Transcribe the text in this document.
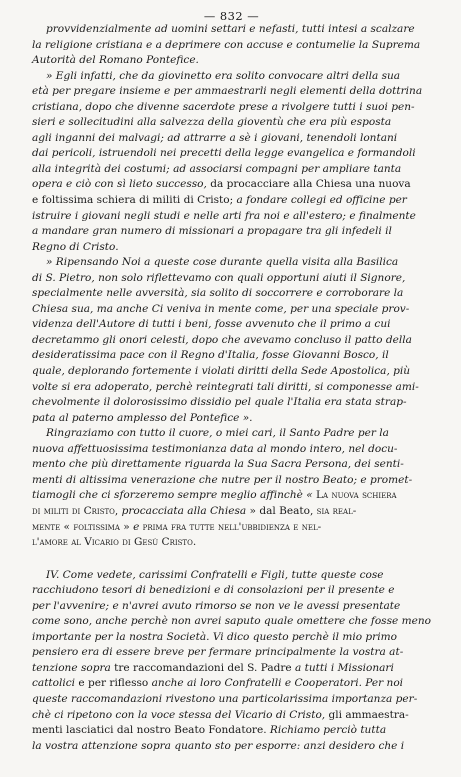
— 832 —
provvidenzialmente ad uomini settari e nefasti, tutti intesi a scalzare
la religione cristiana e a deprimere con accuse e contumelie la Suprema
Autorità del Romano Pontefice.
» Egli infatti, che da giovinetto era solito convocare altri della sua
età per pregare insieme e per ammaestrarli negli elementi della dottrina
cristiana, dopo che divenne sacerdote prese a rivolgere tutti i suoi pen-
sieri e sollecitudini alla salvezza della gioventù che era più esposta
agli inganni dei malvagi; ad attrarre a sè i giovani, tenendoli lontani
dai pericoli, istruendoli nei precetti della legge evangelica e formandoli
alla integrità dei costumi; ad associarsi compagni per ampliare tanta
opera e ciò con sì lieto successo, da procacciare alla Chiesa una nuova
e foltissima schiera di militi di Cristo; a fondare collegi ed officine per
istruire i giovani negli studi e nelle arti fra noi e all'estero; e finalmente
a mandare gran numero di missionari a propagare tra gli infedeli il
Regno di Cristo.
» Ripensando Noi a queste cose durante quella visita alla Basilica
di S. Pietro, non solo riflettevamo con quali opportuni aiuti il Signore,
specialmente nelle avversità, sia solito di soccorrere e corroborare la
Chiesa sua, ma anche Ci veniva in mente come, per una speciale prov-
videnza dell'Autore di tutti i beni, fosse avvenuto che il primo a cui
decretammo gli onori celesti, dopo che avevamo concluso il patto della
desideratissima pace con il Regno d'Italia, fosse Giovanni Bosco, il
quale, deplorando fortemente i violati diritti della Sede Apostolica, più
volte si era adoperato, perchè reintegrati tali diritti, si componesse ami-
chevolmente il dolorosissimo dissidio pel quale l'Italia era stata strap-
pata al paterno amplesso del Pontefice ».
Ringraziamo con tutto il cuore, o miei cari, il Santo Padre per la
nuova affettuosissima testimonianza data al mondo intero, nel docu-
mento che più direttamente riguarda la Sua Sacra Persona, dei senti-
menti di altissima venerazione che nutre per il nostro Beato; e promet-
tiamogli che ci sforzeremo sempre meglio affinchè « La nuova schiera
di militi di Cristo, procacciata alla Chiesa » dal Beato, sia real-
mente « foltissima » e prima fra tutte nell'ubbidienza e nel-
l'amore al Vicario di Gesù Cristo.
IV. Come vedete, carissimi Confratelli e Figli, tutte queste cose
racchiudono tesori di benedizioni e di consolazioni per il presente e
per l'avvenire; e n'avrei avuto rimorso se non ve le avessi presentate
come sono, anche perchè non avrei saputo quale omettere che fosse meno
importante per la nostra Società. Vi dico questo perchè il mio primo
pensiero era di essere breve per fermare principalmente la vostra at-
tenzione sopra tre raccomandazioni del S. Padre a tutti i Missionari
cattolici e per riflesso anche ai loro Confratelli e Cooperatori. Per noi
queste raccomandazioni rivestono una particolarissima importanza per-
chè ci ripetono con la voce stessa del Vicario di Cristo, gli ammaestra-
menti lasciatici dal nostro Beato Fondatore. Richiamo perciò tutta
la vostra attenzione sopra quanto sto per esporre: anzi desidero che i
